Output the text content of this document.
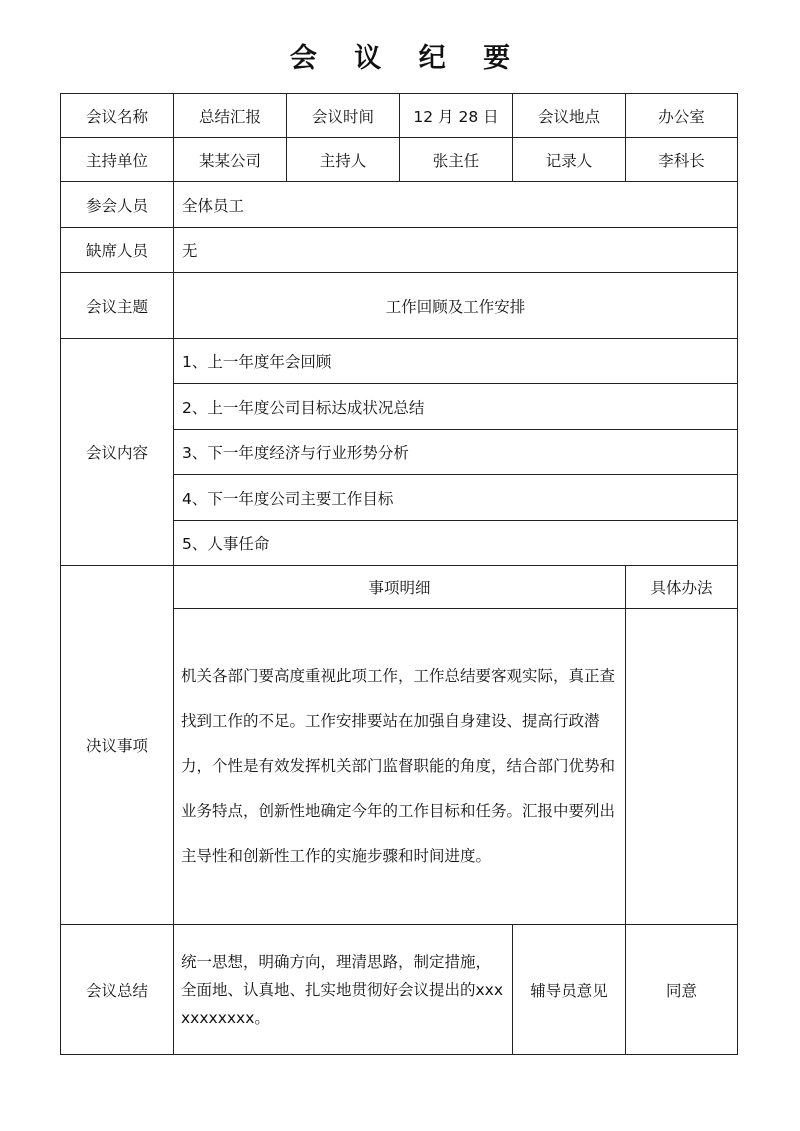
会 议 纪 要
会议名称	总结汇报	会议时间	12 月 28 日	会议地点	办公室
主持单位	某某公司	主持人	张主任	记录人	李科长
参会人员	全体员工				
缺席人员	无				
会议主题	工作回顾及工作安排				
会议内容	1、上一年度年会回顾				
	2、上一年度公司目标达成状况总结				
	3、下一年度经济与行业形势分析				
	4、下一年度公司主要工作目标				
	5、人事任命				
决议事项	事项明细				具体办法
	机关各部门要高度重视此项工作，工作总结要客观实际，真正查找到工作的不足。工作安排要站在加强自身建设、提高行政潜力，个性是有效发挥机关部门监督职能的角度，结合部门优势和业务特点，创新性地确定今年的工作目标和任务。汇报中要列出主导性和创新性工作的实施步骤和时间进度。				
会议总结	统一思想，明确方向，理清思路，制定措施，全面地、认真地、扎实地贯彻好会议提出的xxxxxxxxxxx。			辅导员意见	同意
